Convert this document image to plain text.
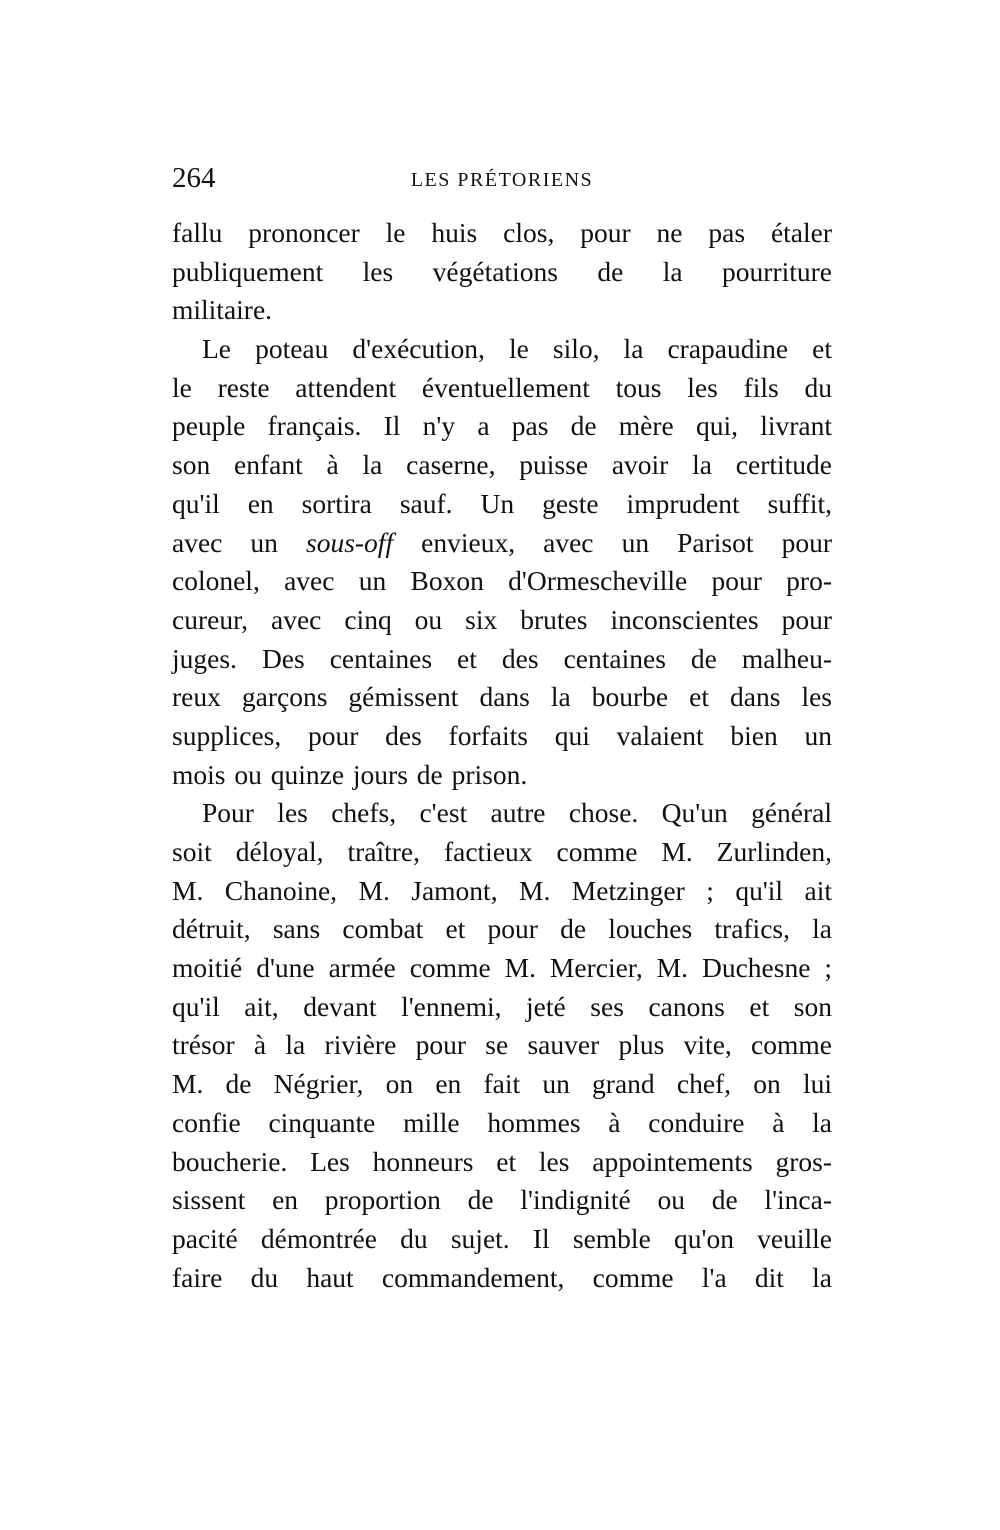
264	LES PRÉTORIENS
fallu prononcer le huis clos, pour ne pas étaler
publiquement les végétations de la pourriture
militaire.
Le poteau d'exécution, le silo, la crapaudine et
le reste attendent éventuellement tous les fils du
peuple français. Il n'y a pas de mère qui, livrant
son enfant à la caserne, puisse avoir la certitude
qu'il en sortira sauf. Un geste imprudent suffit,
avec un sous-off envieux, avec un Parisot pour
colonel, avec un Boxon d'Ormescheville pour pro-
cureur, avec cinq ou six brutes inconscientes pour
juges. Des centaines et des centaines de malheu-
reux garçons gémissent dans la bourbe et dans les
supplices, pour des forfaits qui valaient bien un
mois ou quinze jours de prison.
Pour les chefs, c'est autre chose. Qu'un général
soit déloyal, traître, factieux comme M. Zurlinden,
M. Chanoine, M. Jamont, M. Metzinger ; qu'il ait
détruit, sans combat et pour de louches trafics, la
moitié d'une armée comme M. Mercier, M. Duchesne ;
qu'il ait, devant l'ennemi, jeté ses canons et son
trésor à la rivière pour se sauver plus vite, comme
M. de Négrier, on en fait un grand chef, on lui
confie cinquante mille hommes à conduire à la
boucherie. Les honneurs et les appointements gros-
sissent en proportion de l'indignité ou de l'inca-
pacité démontrée du sujet. Il semble qu'on veuille
faire du haut commandement, comme l'a dit la
